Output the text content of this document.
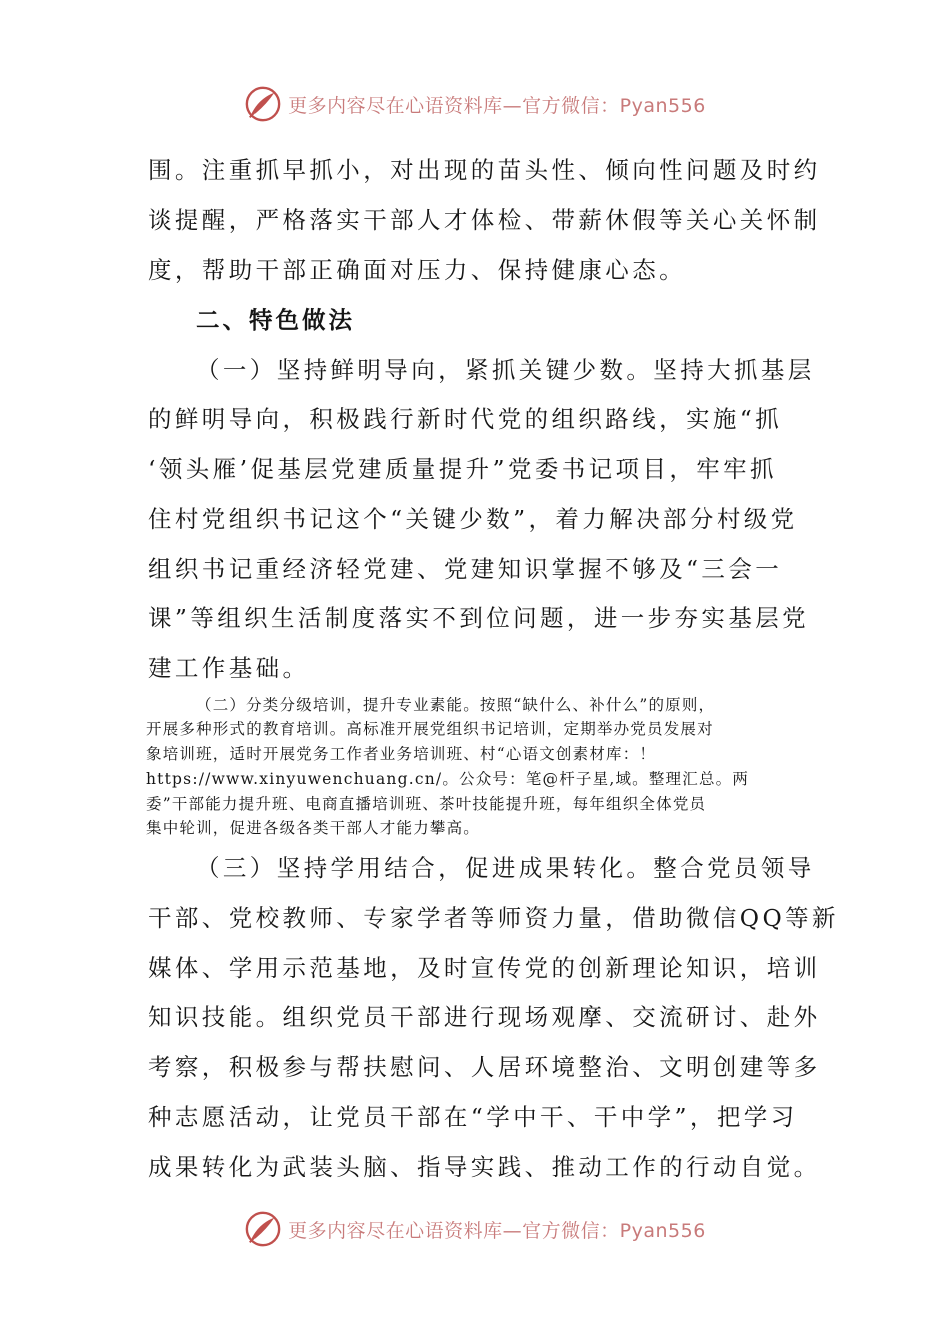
更多内容尽在心语资料库—官方微信：Pyan556
围。注重抓早抓小，对出现的苗头性、倾向性问题及时约
谈提醒，严格落实干部人才体检、带薪休假等关心关怀制
度，帮助干部正确面对压力、保持健康心态。
二、特色做法
（一）坚持鲜明导向，紧抓关键少数。坚持大抓基层
的鲜明导向，积极践行新时代党的组织路线，实施“抓
‘领头雁’促基层党建质量提升”党委书记项目，牢牢抓
住村党组织书记这个“关键少数”，着力解决部分村级党
组织书记重经济轻党建、党建知识掌握不够及“三会一
课”等组织生活制度落实不到位问题，进一步夯实基层党
建工作基础。
（二）分类分级培训，提升专业素能。按照“缺什么、补什么”的原则，
开展多种形式的教育培训。高标准开展党组织书记培训，定期举办党员发展对
象培训班，适时开展党务工作者业务培训班、村“心语文创素材库：！
https://www.xinyuwenchuang.cn/。公众号：笔@杆子星,域。整理汇总。两
委”干部能力提升班、电商直播培训班、茶叶技能提升班，每年组织全体党员
集中轮训，促进各级各类干部人才能力攀高。
（三）坚持学用结合，促进成果转化。整合党员领导
干部、党校教师、专家学者等师资力量，借助微信QQ等新
媒体、学用示范基地，及时宣传党的创新理论知识，培训
知识技能。组织党员干部进行现场观摩、交流研讨、赴外
考察，积极参与帮扶慰问、人居环境整治、文明创建等多
种志愿活动，让党员干部在“学中干、干中学”，把学习
成果转化为武装头脑、指导实践、推动工作的行动自觉。
更多内容尽在心语资料库—官方微信：Pyan556
